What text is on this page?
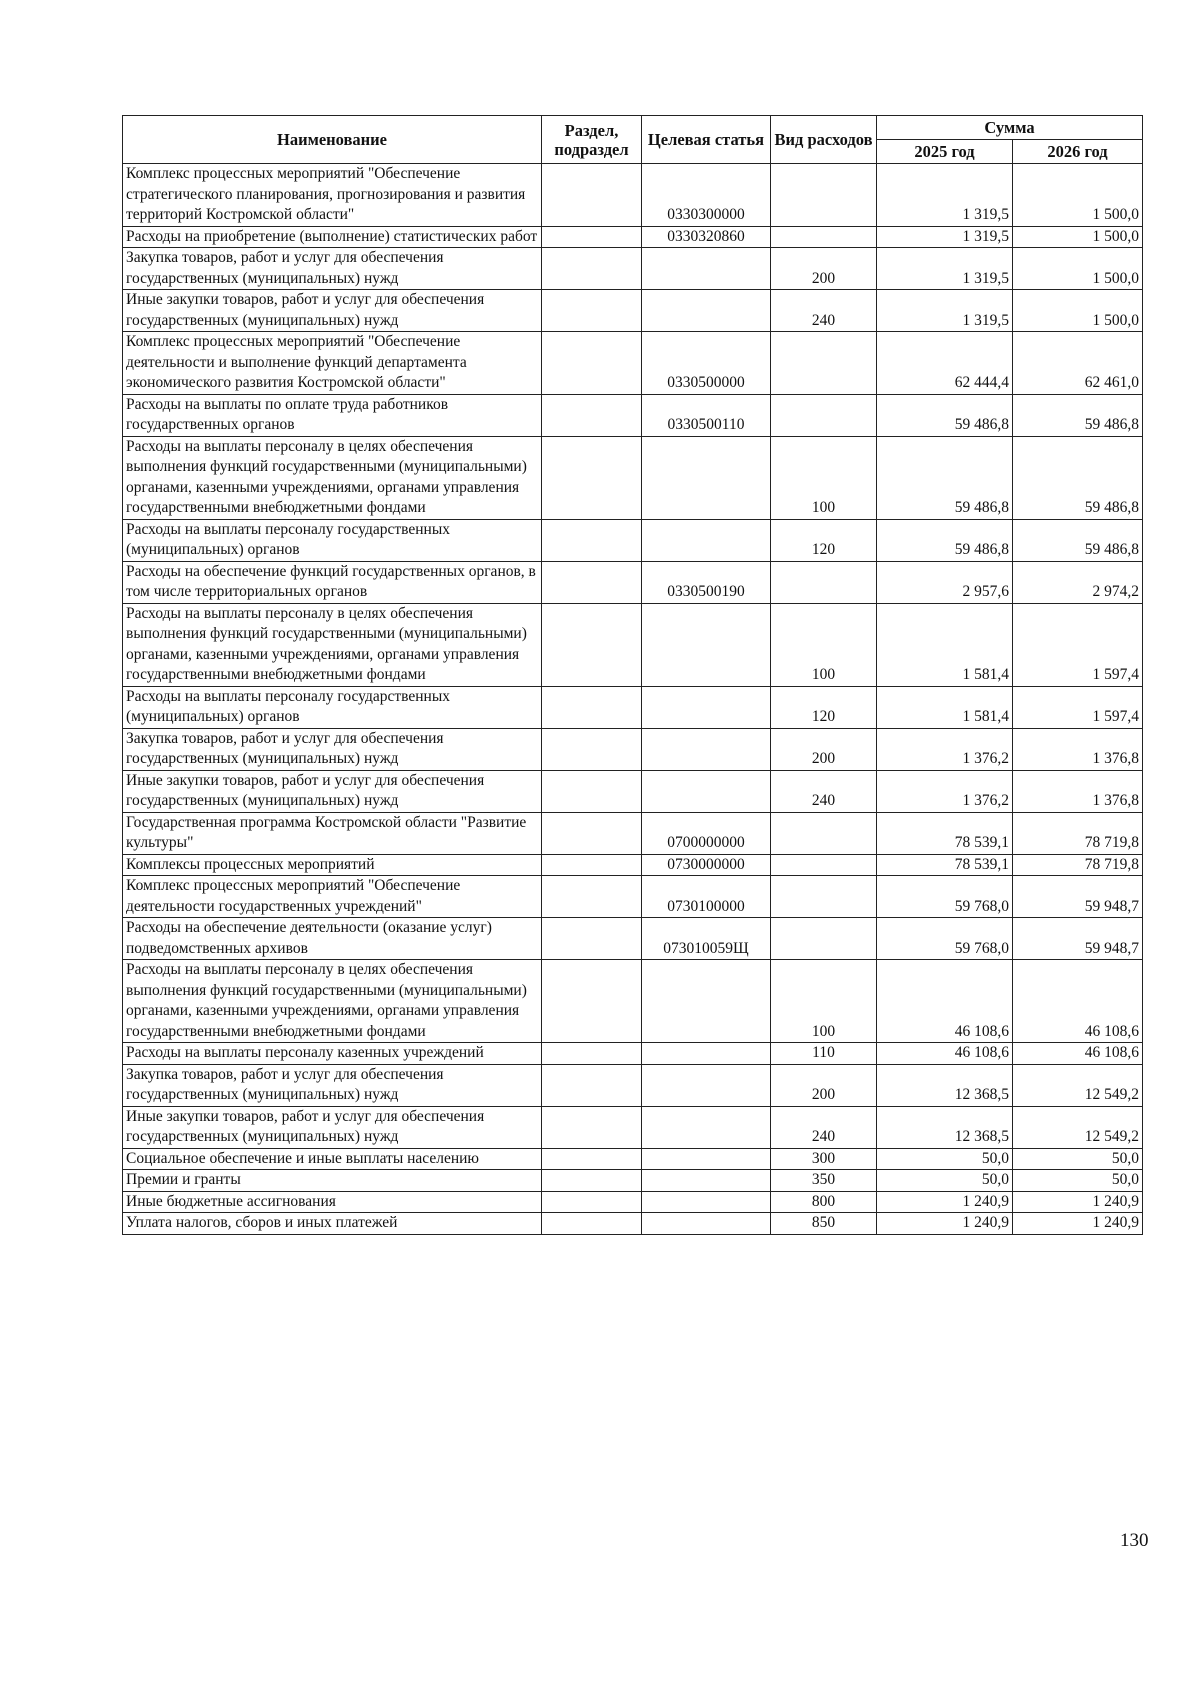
Наименование	Раздел, подраздел	Целевая статья	Вид расходов	Сумма	
				2025 год	2026 год
Комплекс процессных мероприятий "Обеспечение стратегического планирования, прогнозирования и развития территорий Костромской области"		0330300000		1 319,5	1 500,0
Расходы на приобретение (выполнение) статистических работ		0330320860		1 319,5	1 500,0
Закупка товаров, работ и услуг для обеспечения государственных (муниципальных) нужд			200	1 319,5	1 500,0
Иные закупки товаров, работ и услуг для обеспечения государственных (муниципальных) нужд			240	1 319,5	1 500,0
Комплекс процессных мероприятий "Обеспечение деятельности и выполнение функций департамента экономического развития Костромской области"		0330500000		62 444,4	62 461,0
Расходы на выплаты по оплате труда работников государственных органов		0330500110		59 486,8	59 486,8
Расходы на выплаты персоналу в целях обеспечения выполнения функций государственными (муниципальными) органами, казенными учреждениями, органами управления государственными внебюджетными фондами			100	59 486,8	59 486,8
Расходы на выплаты персоналу государственных (муниципальных) органов			120	59 486,8	59 486,8
Расходы на обеспечение функций государственных органов, в том числе территориальных органов		0330500190		2 957,6	2 974,2
Расходы на выплаты персоналу в целях обеспечения выполнения функций государственными (муниципальными) органами, казенными учреждениями, органами управления государственными внебюджетными фондами			100	1 581,4	1 597,4
Расходы на выплаты персоналу государственных (муниципальных) органов			120	1 581,4	1 597,4
Закупка товаров, работ и услуг для обеспечения государственных (муниципальных) нужд			200	1 376,2	1 376,8
Иные закупки товаров, работ и услуг для обеспечения государственных (муниципальных) нужд			240	1 376,2	1 376,8
Государственная программа Костромской области "Развитие культуры"		0700000000		78 539,1	78 719,8
Комплексы процессных мероприятий		0730000000		78 539,1	78 719,8
Комплекс процессных мероприятий "Обеспечение деятельности государственных учреждений"		0730100000		59 768,0	59 948,7
Расходы на обеспечение деятельности (оказание услуг) подведомственных архивов		073010059Щ		59 768,0	59 948,7
Расходы на выплаты персоналу в целях обеспечения выполнения функций государственными (муниципальными) органами, казенными учреждениями, органами управления государственными внебюджетными фондами			100	46 108,6	46 108,6
Расходы на выплаты персоналу казенных учреждений			110	46 108,6	46 108,6
Закупка товаров, работ и услуг для обеспечения государственных (муниципальных) нужд			200	12 368,5	12 549,2
Иные закупки товаров, работ и услуг для обеспечения государственных (муниципальных) нужд			240	12 368,5	12 549,2
Социальное обеспечение и иные выплаты населению			300	50,0	50,0
Премии и гранты			350	50,0	50,0
Иные бюджетные ассигнования			800	1 240,9	1 240,9
Уплата налогов, сборов и иных платежей			850	1 240,9	1 240,9
130
